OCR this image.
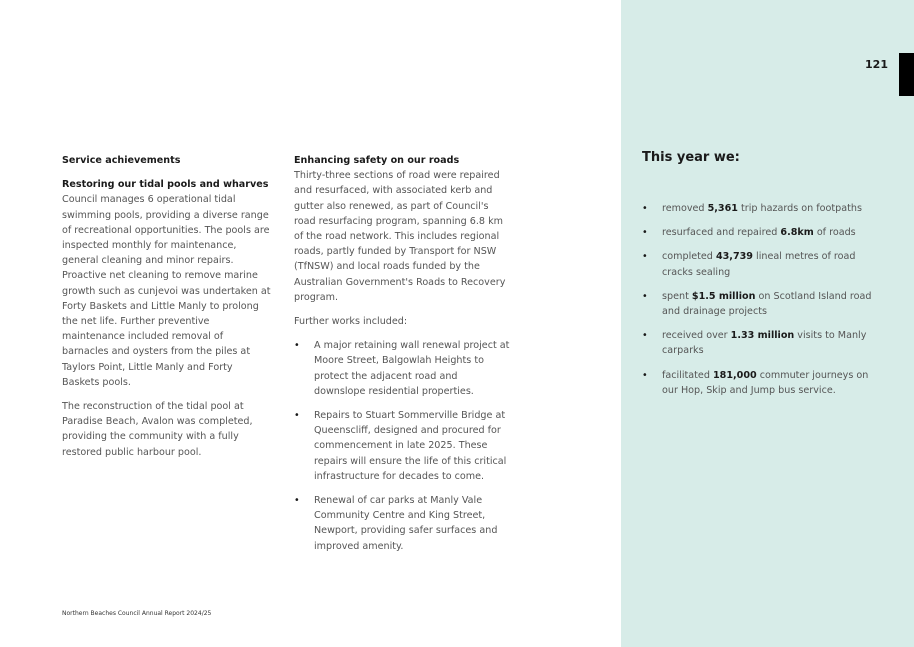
121
Service achievements
Restoring our tidal pools and wharves

Council manages 6 operational tidal swimming pools, providing a diverse range of recreational opportunities. The pools are inspected monthly for maintenance, general cleaning and minor repairs. Proactive net cleaning to remove marine growth such as cunjevoi was undertaken at Forty Baskets and Little Manly to prolong the net life. Further preventive maintenance included removal of barnacles and oysters from the piles at Taylors Point, Little Manly and Forty Baskets pools.

The reconstruction of the tidal pool at Paradise Beach, Avalon was completed, providing the community with a fully restored public harbour pool.

Enhancing safety on our roads

Thirty-three sections of road were repaired and resurfaced, with associated kerb and gutter also renewed, as part of Council's road resurfacing program, spanning 6.8 km of the road network. This includes regional roads, partly funded by Transport for NSW (TfNSW) and local roads funded by the Australian Government's Roads to Recovery program.

Further works included:

• A major retaining wall renewal project at Moore Street, Balgowlah Heights to protect the adjacent road and downslope residential properties.
• Repairs to Stuart Sommerville Bridge at Queenscliff, designed and procured for commencement in late 2025. These repairs will ensure the life of this critical infrastructure for decades to come.
• Renewal of car parks at Manly Vale Community Centre and King Street, Newport, providing safer surfaces and improved amenity.
This year we:
• removed 5,361 trip hazards on footpaths
• resurfaced and repaired 6.8km of roads
• completed 43,739 lineal metres of road cracks sealing
• spent $1.5 million on Scotland Island road and drainage projects
• received over 1.33 million visits to Manly carparks
• facilitated 181,000 commuter journeys on our Hop, Skip and Jump bus service.
Northern Beaches Council Annual Report 2024/25
